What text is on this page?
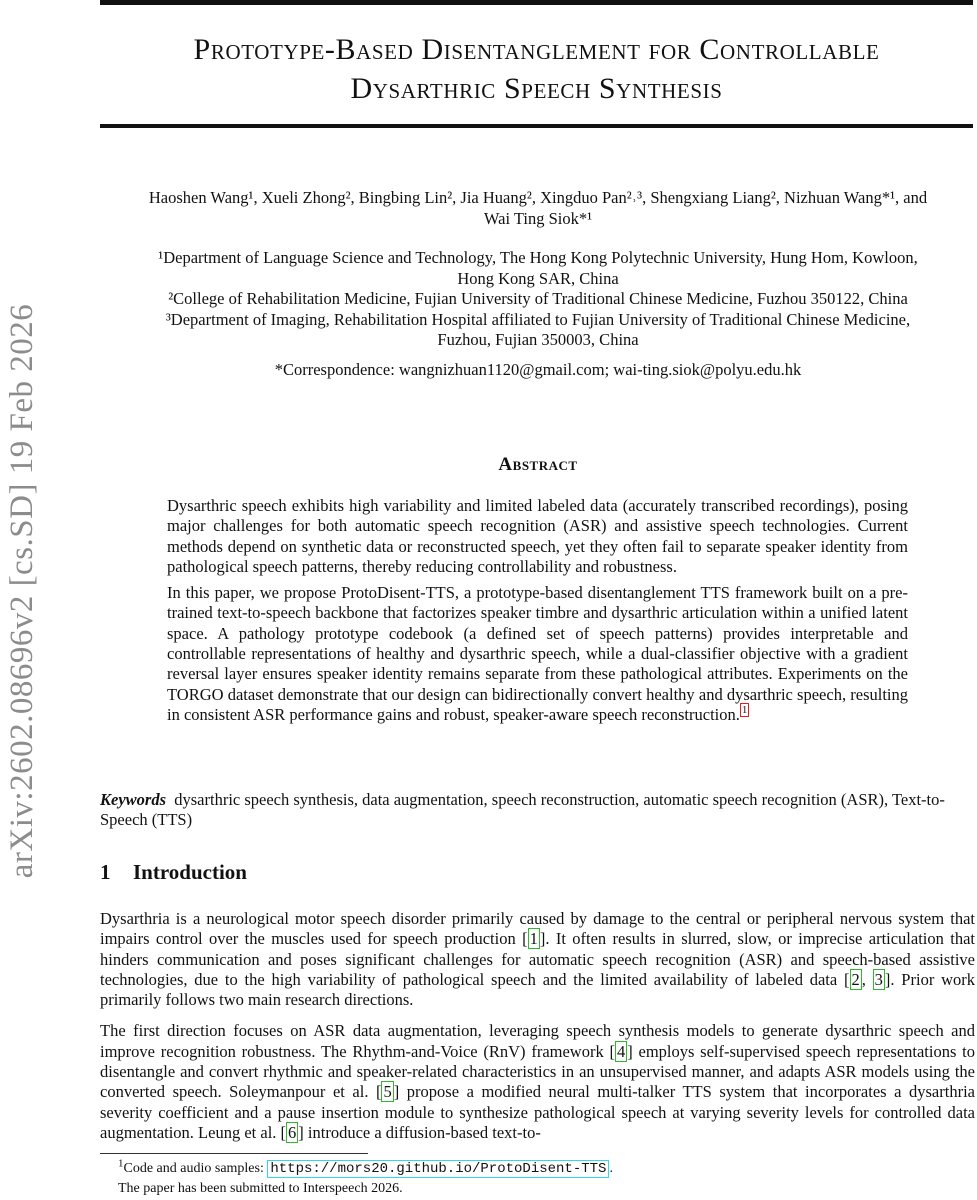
arXiv:2602.08696v2 [cs.SD] 19 Feb 2026
Prototype-Based Disentanglement for Controllable
Dysarthric Speech Synthesis
Haoshen Wang¹, Xueli Zhong², Bingbing Lin², Jia Huang², Xingduo Pan²˒³, Shengxiang Liang², Nizhuan Wang*¹, and
Wai Ting Siok*¹
¹Department of Language Science and Technology, The Hong Kong Polytechnic University, Hung Hom, Kowloon,
Hong Kong SAR, China
²College of Rehabilitation Medicine, Fujian University of Traditional Chinese Medicine, Fuzhou 350122, China
³Department of Imaging, Rehabilitation Hospital affiliated to Fujian University of Traditional Chinese Medicine,
Fuzhou, Fujian 350003, China
*Correspondence: wangnizhuan1120@gmail.com; wai-ting.siok@polyu.edu.hk
Abstract

Dysarthric speech exhibits high variability and limited labeled data (accurately transcribed recordings), posing major challenges for both automatic speech recognition (ASR) and assistive speech technologies. Current methods depend on synthetic data or reconstructed speech, yet they often fail to separate speaker identity from pathological speech patterns, thereby reducing controllability and robustness.

In this paper, we propose ProtoDisent-TTS, a prototype-based disentanglement TTS framework built on a pre-trained text-to-speech backbone that factorizes speaker timbre and dysarthric articulation within a unified latent space. A pathology prototype codebook (a defined set of speech patterns) provides interpretable and controllable representations of healthy and dysarthric speech, while a dual-classifier objective with a gradient reversal layer ensures speaker identity remains separate from these pathological attributes. Experiments on the TORGO dataset demonstrate that our design can bidirectionally convert healthy and dysarthric speech, resulting in consistent ASR performance gains and robust, speaker-aware speech reconstruction. $^1$

Keywords dysarthric speech synthesis, data augmentation, speech reconstruction, automatic speech recognition (ASR), Text-to-Speech (TTS)
1 Introduction

Dysarthria is a neurological motor speech disorder primarily caused by damage to the central or peripheral nervous system that impairs control over the muscles used for speech production [ 1 ]. It often results in slurred, slow, or imprecise articulation that hinders communication and poses significant challenges for automatic speech recognition (ASR) and speech-based assistive technologies, due to the high variability of pathological speech and the limited availability of labeled data [ 2 , 3 ]. Prior work primarily follows two main research directions.

The first direction focuses on ASR data augmentation, leveraging speech synthesis models to generate dysarthric speech and improve recognition robustness. The Rhythm-and-Voice (RnV) framework [ 4 ] employs self-supervised speech representations to disentangle and convert rhythmic and speaker-related characteristics in an unsupervised manner, and adapts ASR models using the converted speech. Soleymanpour et al. [ 5 ] propose a modified neural multi-talker TTS system that incorporates a dysarthria severity coefficient and a pause insertion module to synthesize pathological speech at varying severity levels for controlled data augmentation. Leung et al. [ 6 ] introduce a diffusion-based text-to-

$^1$Code and audio samples: https://mors20.github.io/ProtoDisent-TTS .
The paper has been submitted to Interspeech 2026.
